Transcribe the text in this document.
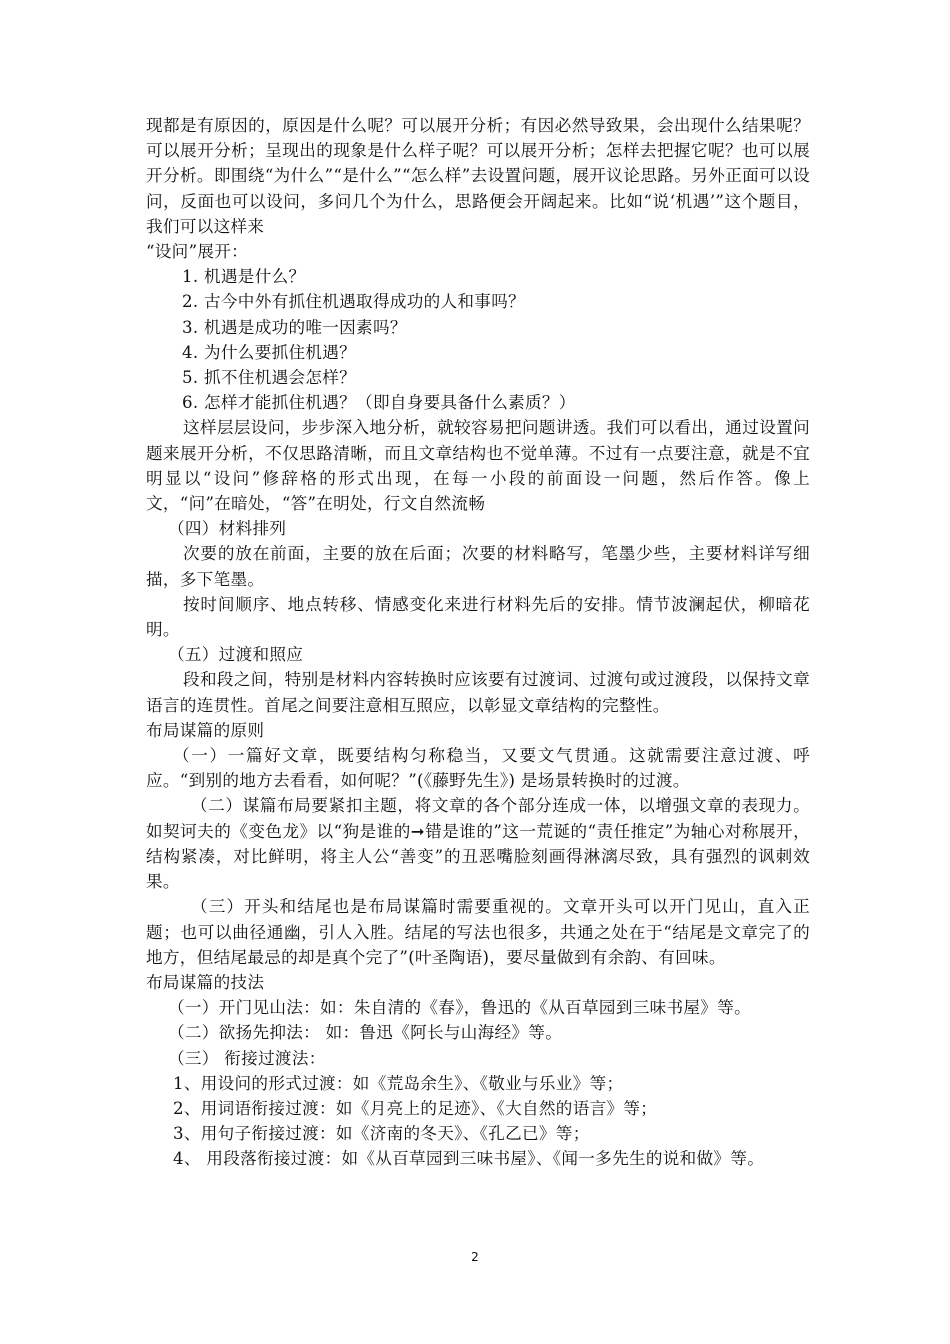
现都是有原因的，原因是什么呢？可以展开分析；有因必然导致果，会出现什么结果呢？可以展开分析；呈现出的现象是什么样子呢？可以展开分析；怎样去把握它呢？也可以展开分析。即围绕“为什么”“是什么”“怎么样”去设置问题，展开议论思路。另外正面可以设问，反面也可以设问，多问几个为什么，思路便会开阔起来。比如“说‘机遇’”这个题目，我们可以这样来

“设问”展开：

1. 机遇是什么？

2. 古今中外有抓住机遇取得成功的人和事吗？

3. 机遇是成功的唯一因素吗？

4. 为什么要抓住机遇？

5. 抓不住机遇会怎样？

6. 怎样才能抓住机遇？（即自身要具备什么素质？）

这样层层设问，步步深入地分析，就较容易把问题讲透。我们可以看出，通过设置问题来展开分析，不仅思路清晰，而且文章结构也不觉单薄。不过有一点要注意，就是不宜明显以“设问”修辞格的形式出现，在每一小段的前面设一问题，然后作答。像上文，“问”在暗处，“答”在明处，行文自然流畅

（四）材料排列

次要的放在前面，主要的放在后面；次要的材料略写，笔墨少些，主要材料详写细描，多下笔墨。

按时间顺序、地点转移、情感变化来进行材料先后的安排。情节波澜起伏，柳暗花明。

（五）过渡和照应

段和段之间，特别是材料内容转换时应该要有过渡词、过渡句或过渡段，以保持文章语言的连贯性。首尾之间要注意相互照应，以彰显文章结构的完整性。

布局谋篇的原则

（一）一篇好文章，既要结构匀称稳当，又要文气贯通。这就需要注意过渡、呼应。“到别的地方去看看，如何呢？”(《藤野先生》) 是场景转换时的过渡。

（二）谋篇布局要紧扣主题，将文章的各个部分连成一体，以增强文章的表现力。如契诃夫的《变色龙》以“狗是谁的➞错是谁的”这一荒诞的“责任推定”为轴心对称展开，结构紧凑，对比鲜明，将主人公“善变”的丑恶嘴脸刻画得淋漓尽致，具有强烈的讽刺效果。

（三）开头和结尾也是布局谋篇时需要重视的。文章开头可以开门见山，直入正题；也可以曲径通幽，引人入胜。结尾的写法也很多，共通之处在于“结尾是文章完了的地方，但结尾最忌的却是真个完了”(叶圣陶语)，要尽量做到有余韵、有回味。

布局谋篇的技法

（一）开门见山法：如：朱自清的《春》，鲁迅的《从百草园到三味书屋》等。

（二）欲扬先抑法： 如：鲁迅《阿长与山海经》等。

（三） 衔接过渡法：

1、用设问的形式过渡：如《荒岛余生》、《敬业与乐业》等；

2、用词语衔接过渡：如《月亮上的足迹》、《大自然的语言》等；

3、用句子衔接过渡：如《济南的冬天》、《孔乙已》等；

4、 用段落衔接过渡：如《从百草园到三味书屋》、《闻一多先生的说和做》等。

2
